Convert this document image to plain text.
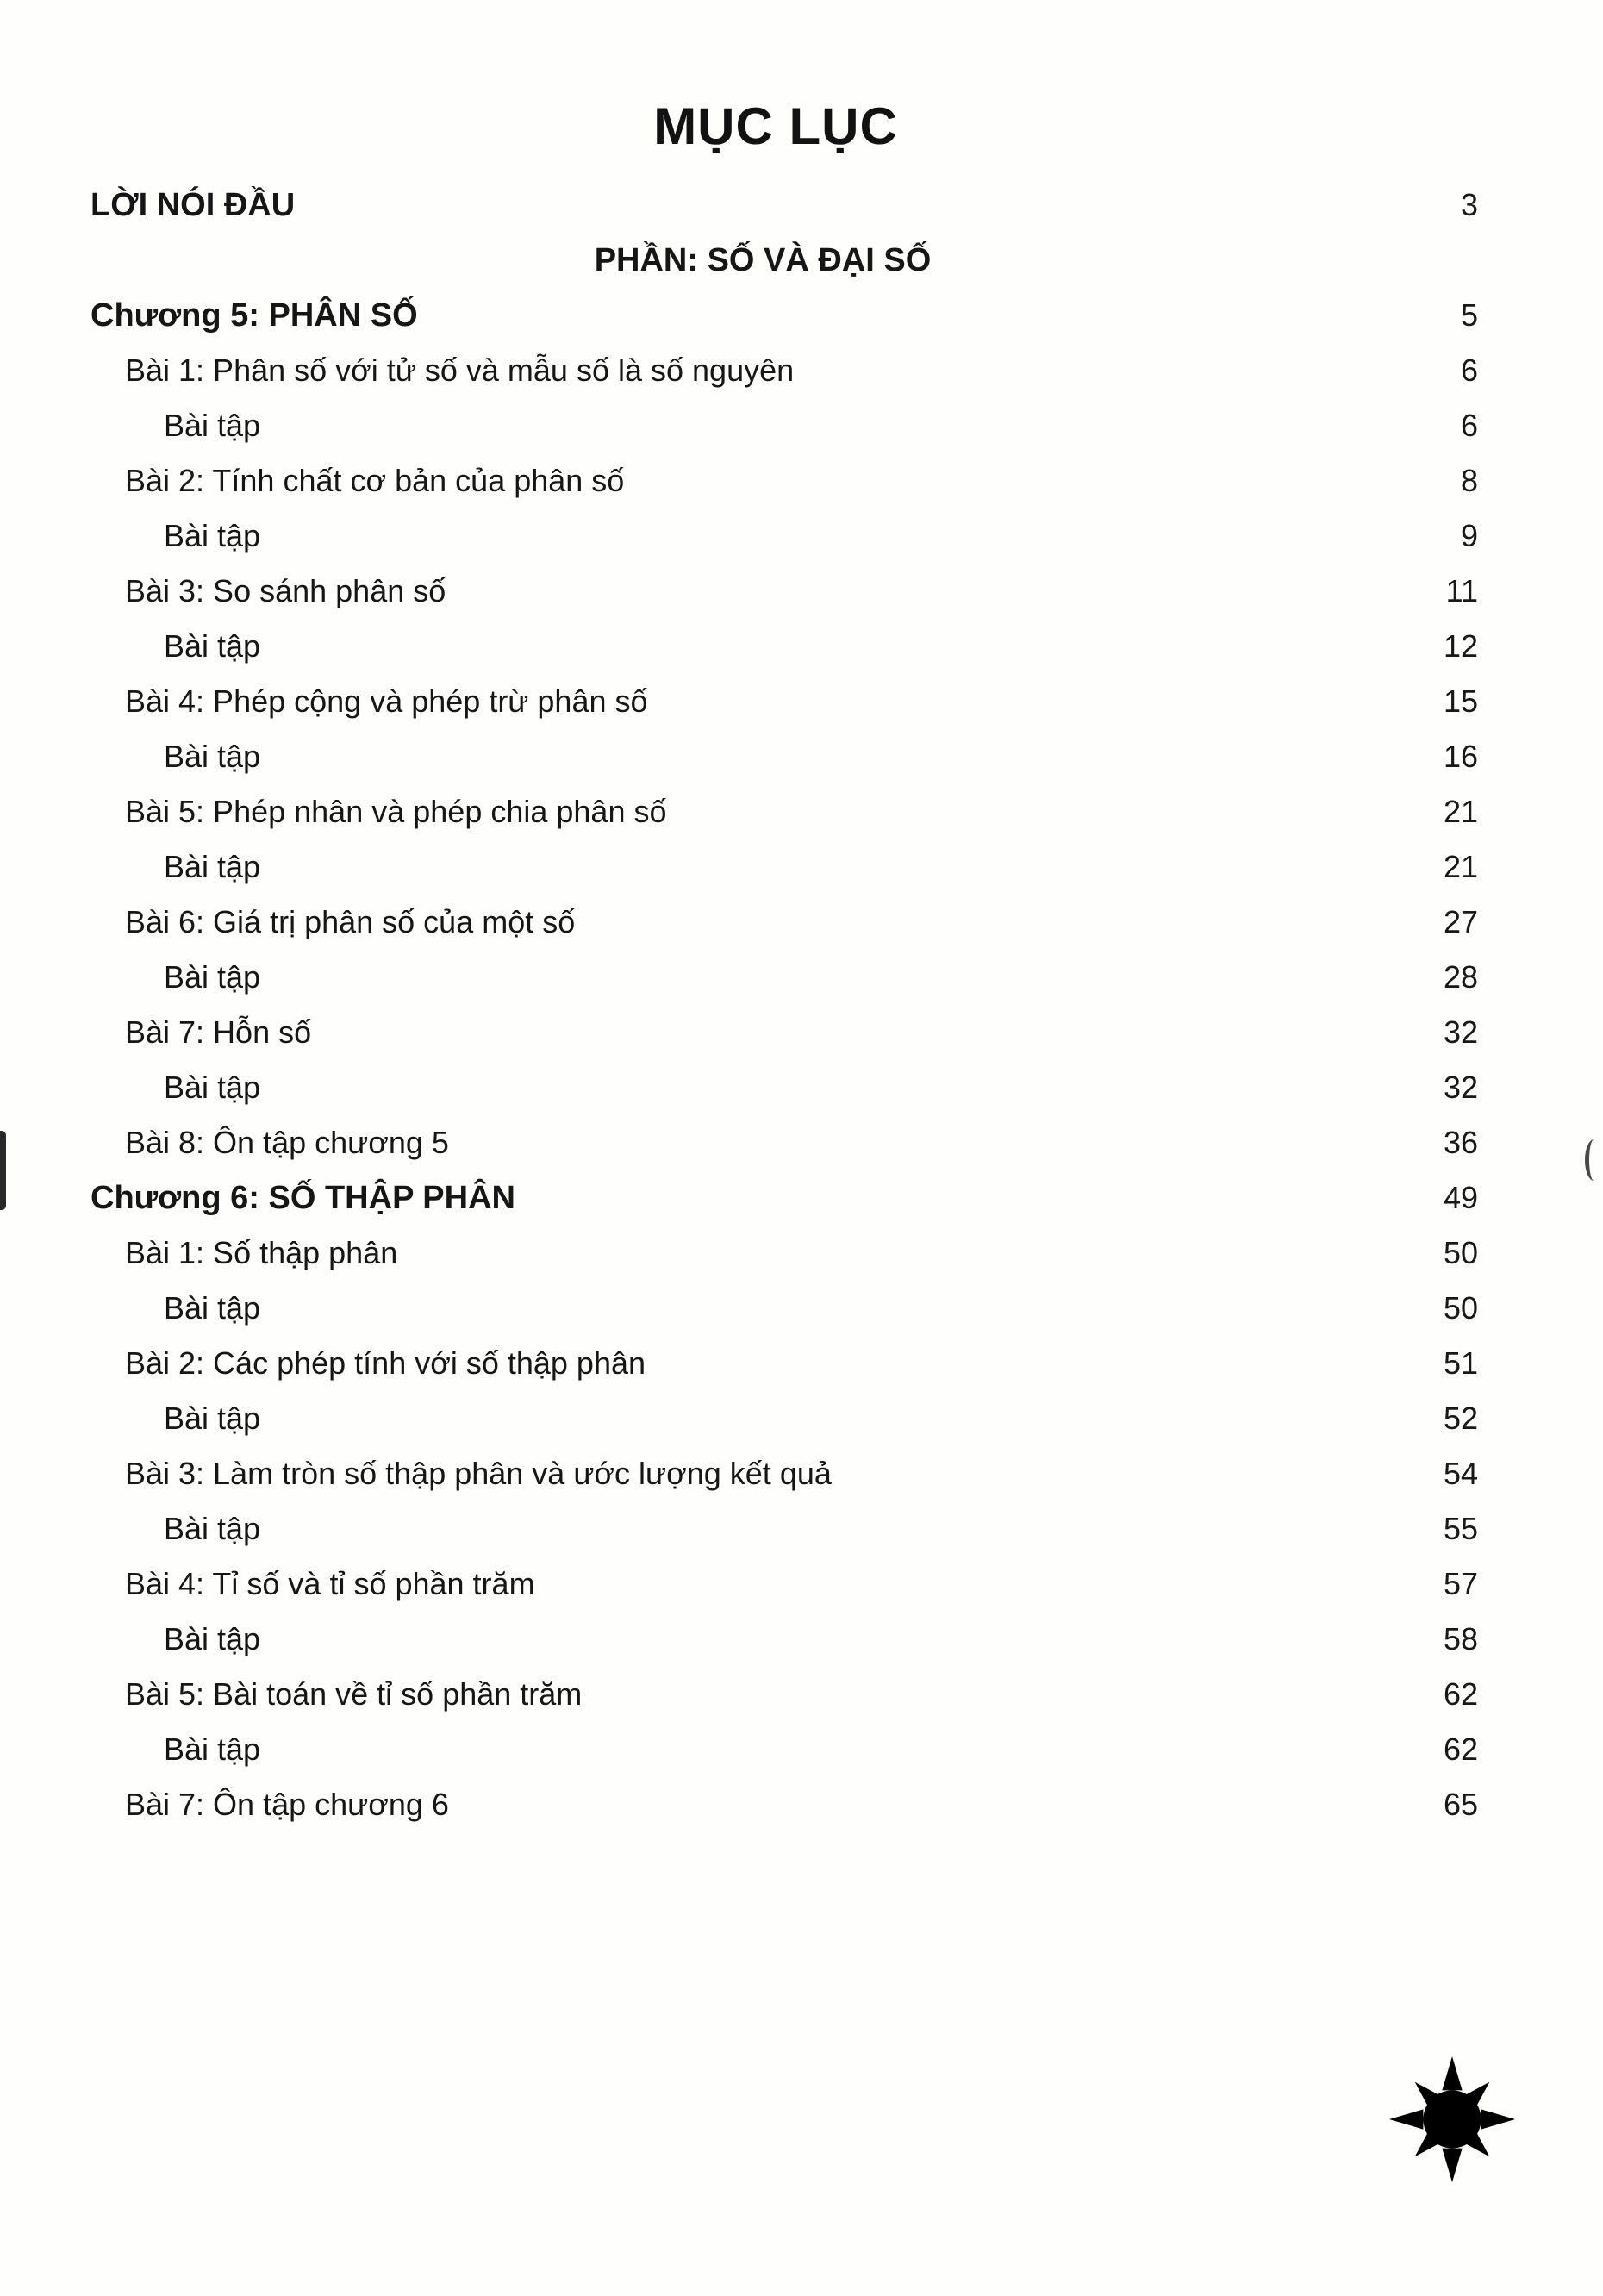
MỤC LỤC
LỜI NÓI ĐẦU	3
PHẦN: SỐ VÀ ĐẠI SỐ
Chương 5: PHÂN SỐ	5
Bài 1: Phân số với tử số và mẫu số là số nguyên	6
Bài tập	6
Bài 2: Tính chất cơ bản của phân số	8
Bài tập	9
Bài 3: So sánh phân số	11
Bài tập	12
Bài 4: Phép cộng và phép trừ phân số	15
Bài tập	16
Bài 5: Phép nhân và phép chia phân số	21
Bài tập	21
Bài 6: Giá trị phân số của một số	27
Bài tập	28
Bài 7: Hỗn số	32
Bài tập	32
Bài 8: Ôn tập chương 5	36
Chương 6: SỐ THẬP PHÂN	49
Bài 1: Số thập phân	50
Bài tập	50
Bài 2: Các phép tính với số thập phân	51
Bài tập	52
Bài 3: Làm tròn số thập phân và ước lượng kết quả	54
Bài tập	55
Bài 4: Tỉ số và tỉ số phần trăm	57
Bài tập	58
Bài 5: Bài toán về tỉ số phần trăm	62
Bài tập	62
Bài 7: Ôn tập chương 6	65
